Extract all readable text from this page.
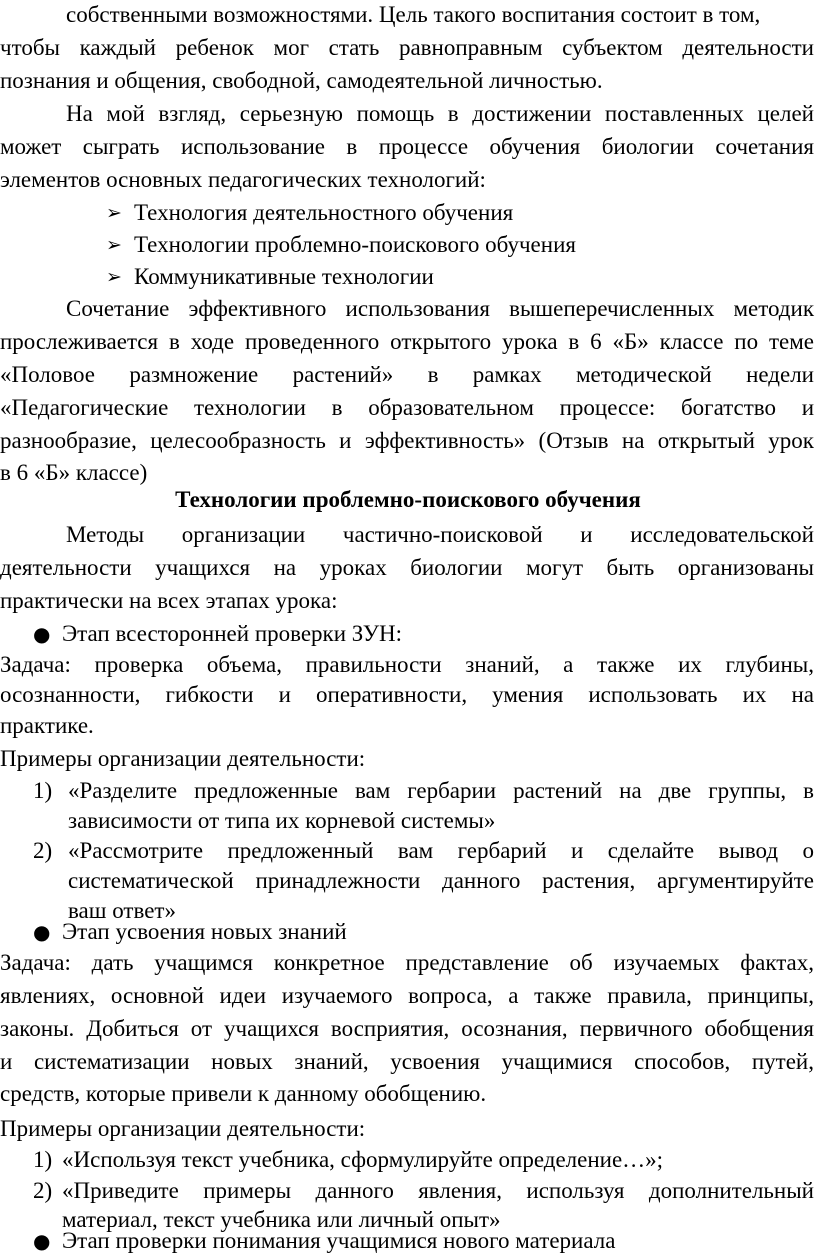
собственными возможностями. Цель такого воспитания состоит в том,
чтобы каждый ребенок мог стать равноправным субъектом деятельности
познания и общения, свободной, самодеятельной личностью.
На мой взгляд, серьезную помощь в достижении поставленных целей
может сыграть использование в процессе обучения биологии сочетания
элементов основных педагогических технологий:
➢ Технология деятельностного обучения
➢ Технологии проблемно-поискового обучения
➢ Коммуникативные технологии
Сочетание эффективного использования вышеперечисленных методик
прослеживается в ходе проведенного открытого урока в 6 «Б» классе по теме
«Половое размножение растений» в рамках методической недели
«Педагогические технологии в образовательном процессе: богатство и
разнообразие, целесообразность и эффективность» (Отзыв на открытый урок
в 6 «Б» классе)
Технологии проблемно-поискового обучения
Методы организации частично-поисковой и исследовательской
деятельности учащихся на уроках биологии могут быть организованы
практически на всех этапах урока:
● Этап всесторонней проверки ЗУН:
Задача: проверка объема, правильности знаний, а также их глубины,
осознанности, гибкости и оперативности, умения использовать их на
практике.
Примеры организации деятельности:
1) «Разделите предложенные вам гербарии растений на две группы, в
зависимости от типа их корневой системы»
2) «Рассмотрите предложенный вам гербарий и сделайте вывод о
систематической принадлежности данного растения, аргументируйте
ваш ответ»
● Этап усвоения новых знаний
Задача: дать учащимся конкретное представление об изучаемых фактах,
явлениях, основной идеи изучаемого вопроса, а также правила, принципы,
законы. Добиться от учащихся восприятия, осознания, первичного обобщения
и систематизации новых знаний, усвоения учащимися способов, путей,
средств, которые привели к данному обобщению.
Примеры организации деятельности:
1) «Используя текст учебника, сформулируйте определение…»;
2) «Приведите примеры данного явления, используя дополнительный
материал, текст учебника или личный опыт»
● Этап проверки понимания учащимися нового материала
